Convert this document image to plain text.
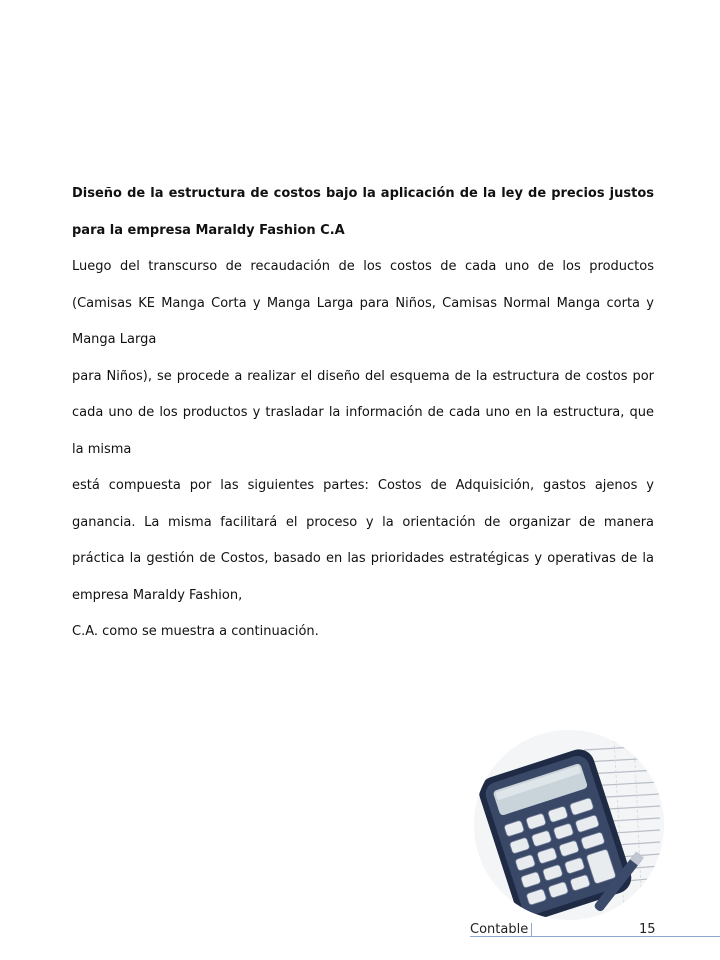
Diseño de la estructura de costos bajo la aplicación de la ley de precios justos para la empresa Maraldy Fashion C.A

Luego del transcurso de recaudación de los costos de cada uno de los productos (Camisas KE Manga Corta y Manga Larga para Niños, Camisas Normal Manga corta y Manga Larga

para Niños), se procede a realizar el diseño del esquema de la estructura de costos por cada uno de los productos y trasladar la información de cada uno en la estructura, que la misma

está compuesta por las siguientes partes: Costos de Adquisición, gastos ajenos y ganancia. La misma facilitará el proceso y la orientación de organizar de manera práctica la gestión de Costos, basado en las prioridades estratégicas y operativas de la empresa Maraldy Fashion,

C.A. como se muestra a continuación.

Contable	15
